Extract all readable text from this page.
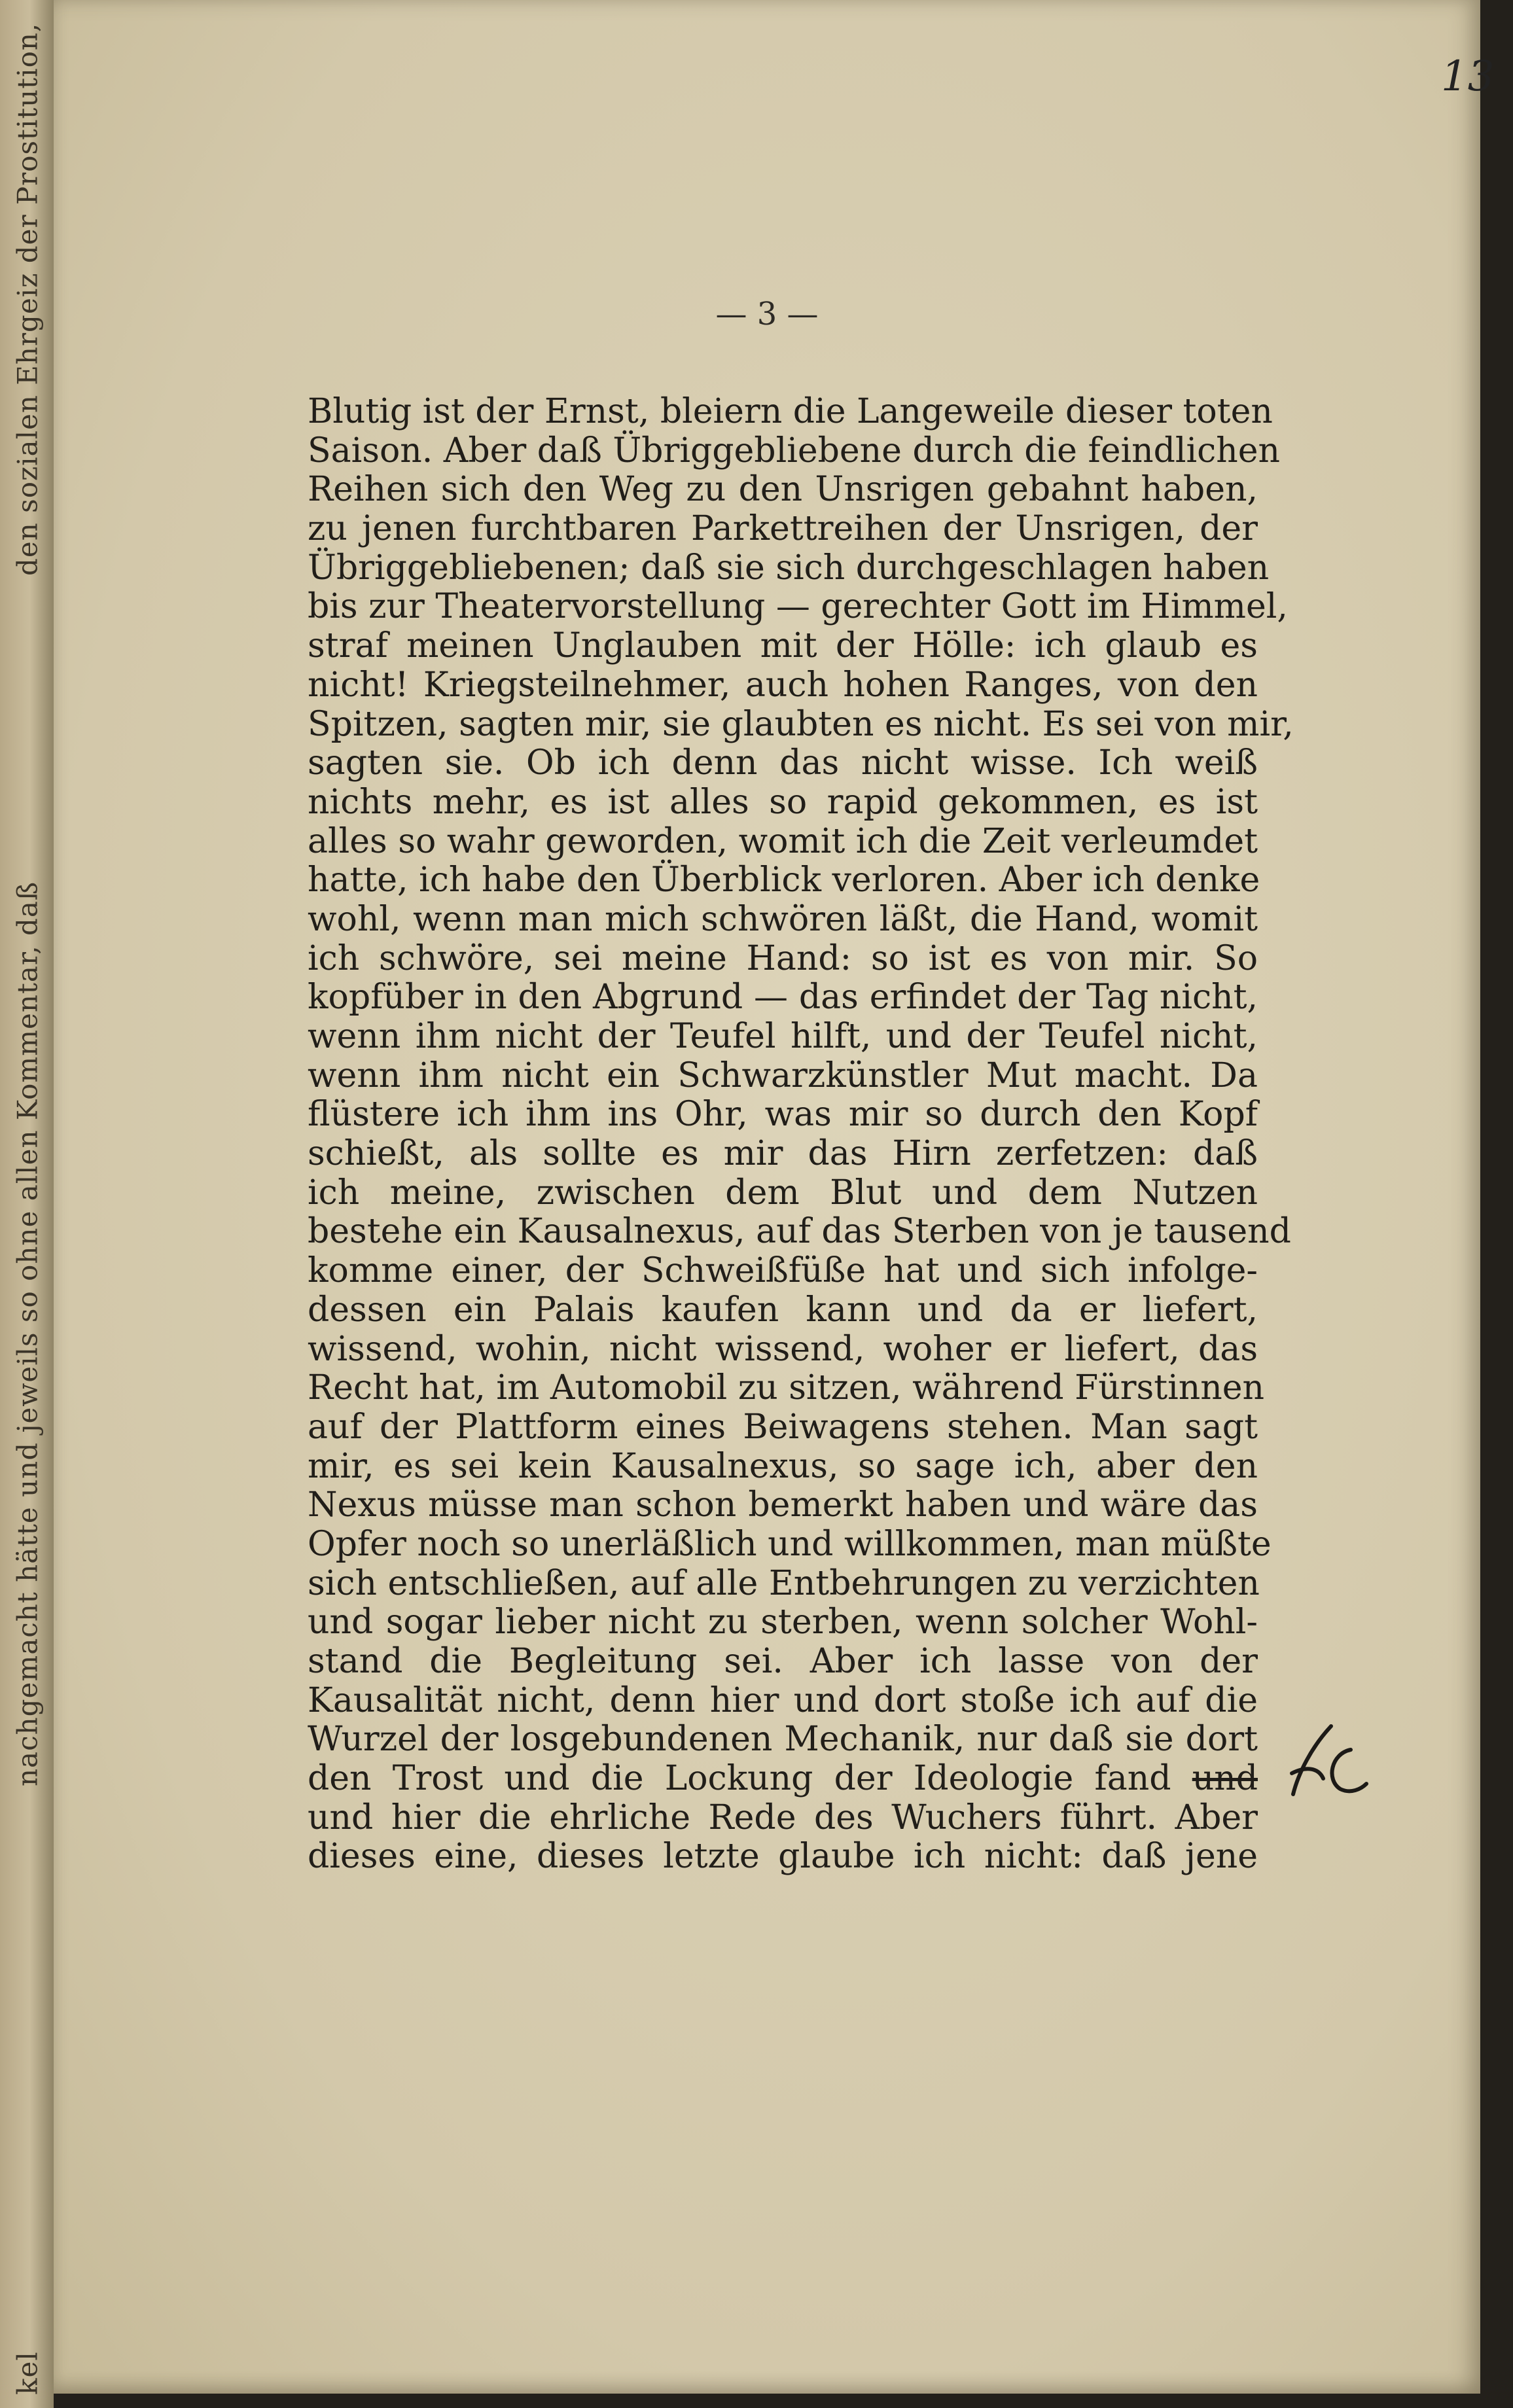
den sozialen Ehrgeiz der Prostitution,
nachgemacht hätte und jeweils so ohne allen Kommentar, daß
kel
13
— 3 —
Blutig ist der Ernst, bleiern die Langeweile dieser toten
Saison. Aber daß Übriggebliebene durch die feindlichen
Reihen sich den Weg zu den Unsrigen gebahnt haben,
zu jenen furchtbaren Parkettreihen der Unsrigen, der
Übriggebliebenen; daß sie sich durchgeschlagen haben
bis zur Theatervorstellung — gerechter Gott im Himmel,
straf meinen Unglauben mit der Hölle: ich glaub es
nicht! Kriegsteilnehmer, auch hohen Ranges, von den
Spitzen, sagten mir, sie glaubten es nicht. Es sei von mir,
sagten sie. Ob ich denn das nicht wisse. Ich weiß
nichts mehr, es ist alles so rapid gekommen, es ist
alles so wahr geworden, womit ich die Zeit verleumdet
hatte, ich habe den Überblick verloren. Aber ich denke
wohl, wenn man mich schwören läßt, die Hand, womit
ich schwöre, sei meine Hand: so ist es von mir. So
kopfüber in den Abgrund — das erfindet der Tag nicht,
wenn ihm nicht der Teufel hilft, und der Teufel nicht,
wenn ihm nicht ein Schwarzkünstler Mut macht. Da
flüstere ich ihm ins Ohr, was mir so durch den Kopf
schießt, als sollte es mir das Hirn zerfetzen: daß
ich meine, zwischen dem Blut und dem Nutzen
bestehe ein Kausalnexus, auf das Sterben von je tausend
komme einer, der Schweißfüße hat und sich infolge-
dessen ein Palais kaufen kann und da er liefert,
wissend, wohin, nicht wissend, woher er liefert, das
Recht hat, im Automobil zu sitzen, während Fürstinnen
auf der Plattform eines Beiwagens stehen. Man sagt
mir, es sei kein Kausalnexus, so sage ich, aber den
Nexus müsse man schon bemerkt haben und wäre das
Opfer noch so unerläßlich und willkommen, man müßte
sich entschließen, auf alle Entbehrungen zu verzichten
und sogar lieber nicht zu sterben, wenn solcher Wohl-
stand die Begleitung sei. Aber ich lasse von der
Kausalität nicht, denn hier und dort stoße ich auf die
Wurzel der losgebundenen Mechanik, nur daß sie dort
den Trost und die Lockung der Ideologie fand und
und hier die ehrliche Rede des Wuchers führt. Aber
dieses eine, dieses letzte glaube ich nicht: daß jene
